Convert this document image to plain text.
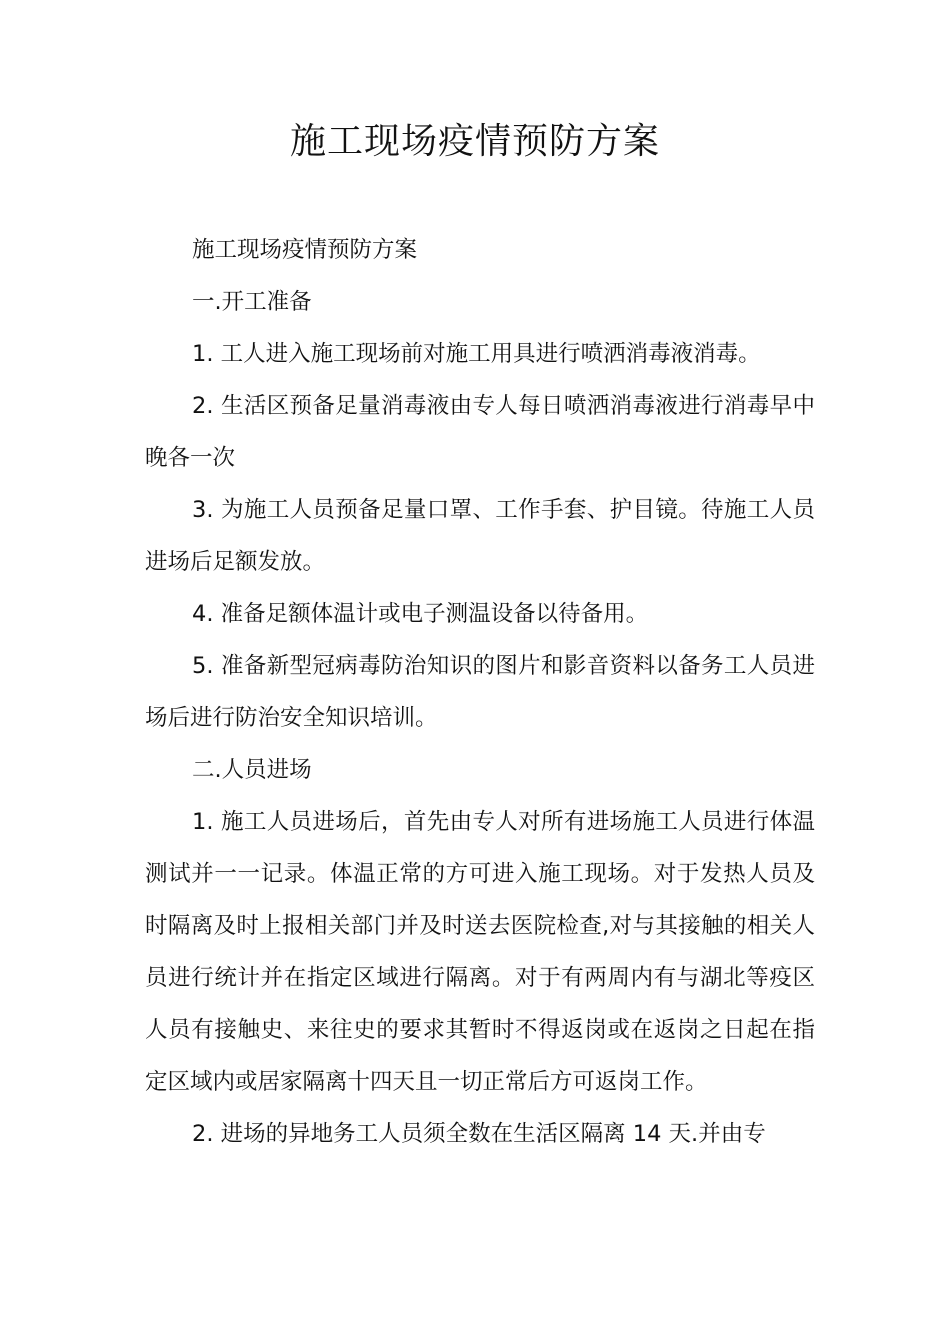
施工现场疫情预防方案

施工现场疫情预防方案

一.开工准备

1. 工人进入施工现场前对施工用具进行喷洒消毒液消毒。

2. 生活区预备足量消毒液由专人每日喷洒消毒液进行消毒早中晚各一次

3. 为施工人员预备足量口罩、工作手套、护目镜。待施工人员进场后足额发放。

4. 准备足额体温计或电子测温设备以待备用。

5. 准备新型冠病毒防治知识的图片和影音资料以备务工人员进场后进行防治安全知识培训。

二.人员进场

1. 施工人员进场后，首先由专人对所有进场施工人员进行体温测试并一一记录。体温正常的方可进入施工现场。对于发热人员及时隔离及时上报相关部门并及时送去医院检查,对与其接触的相关人员进行统计并在指定区域进行隔离。对于有两周内有与湖北等疫区人员有接触史、来往史的要求其暂时不得返岗或在返岗之日起在指定区域内或居家隔离十四天且一切正常后方可返岗工作。

2. 进场的异地务工人员须全数在生活区隔离 14 天.并由专
